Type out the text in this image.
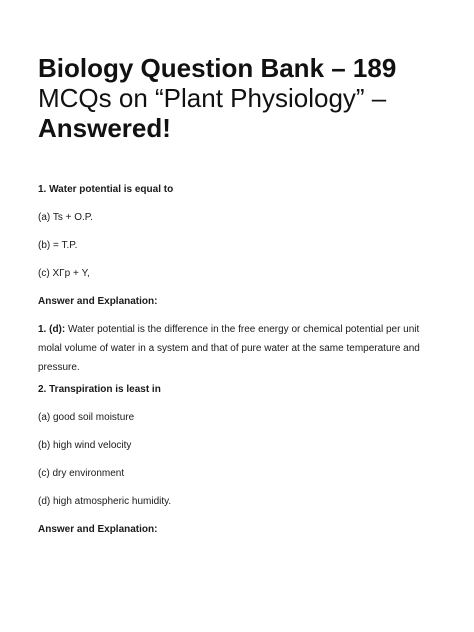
Biology Question Bank – 189
MCQs on “Plant Physiology” –
Answered!

1. Water potential is equal to

(a) Ts + O.P.

(b) = T.P.

(c) ΧΓp + Υ,

Answer and Explanation:

1. (d): Water potential is the difference in the free energy or chemical potential per unit molal volume of water in a system and that of pure water at the same temperature and pressure.

2. Transpiration is least in

(a) good soil moisture

(b) high wind velocity

(c) dry environment

(d) high atmospheric humidity.

Answer and Explanation:
